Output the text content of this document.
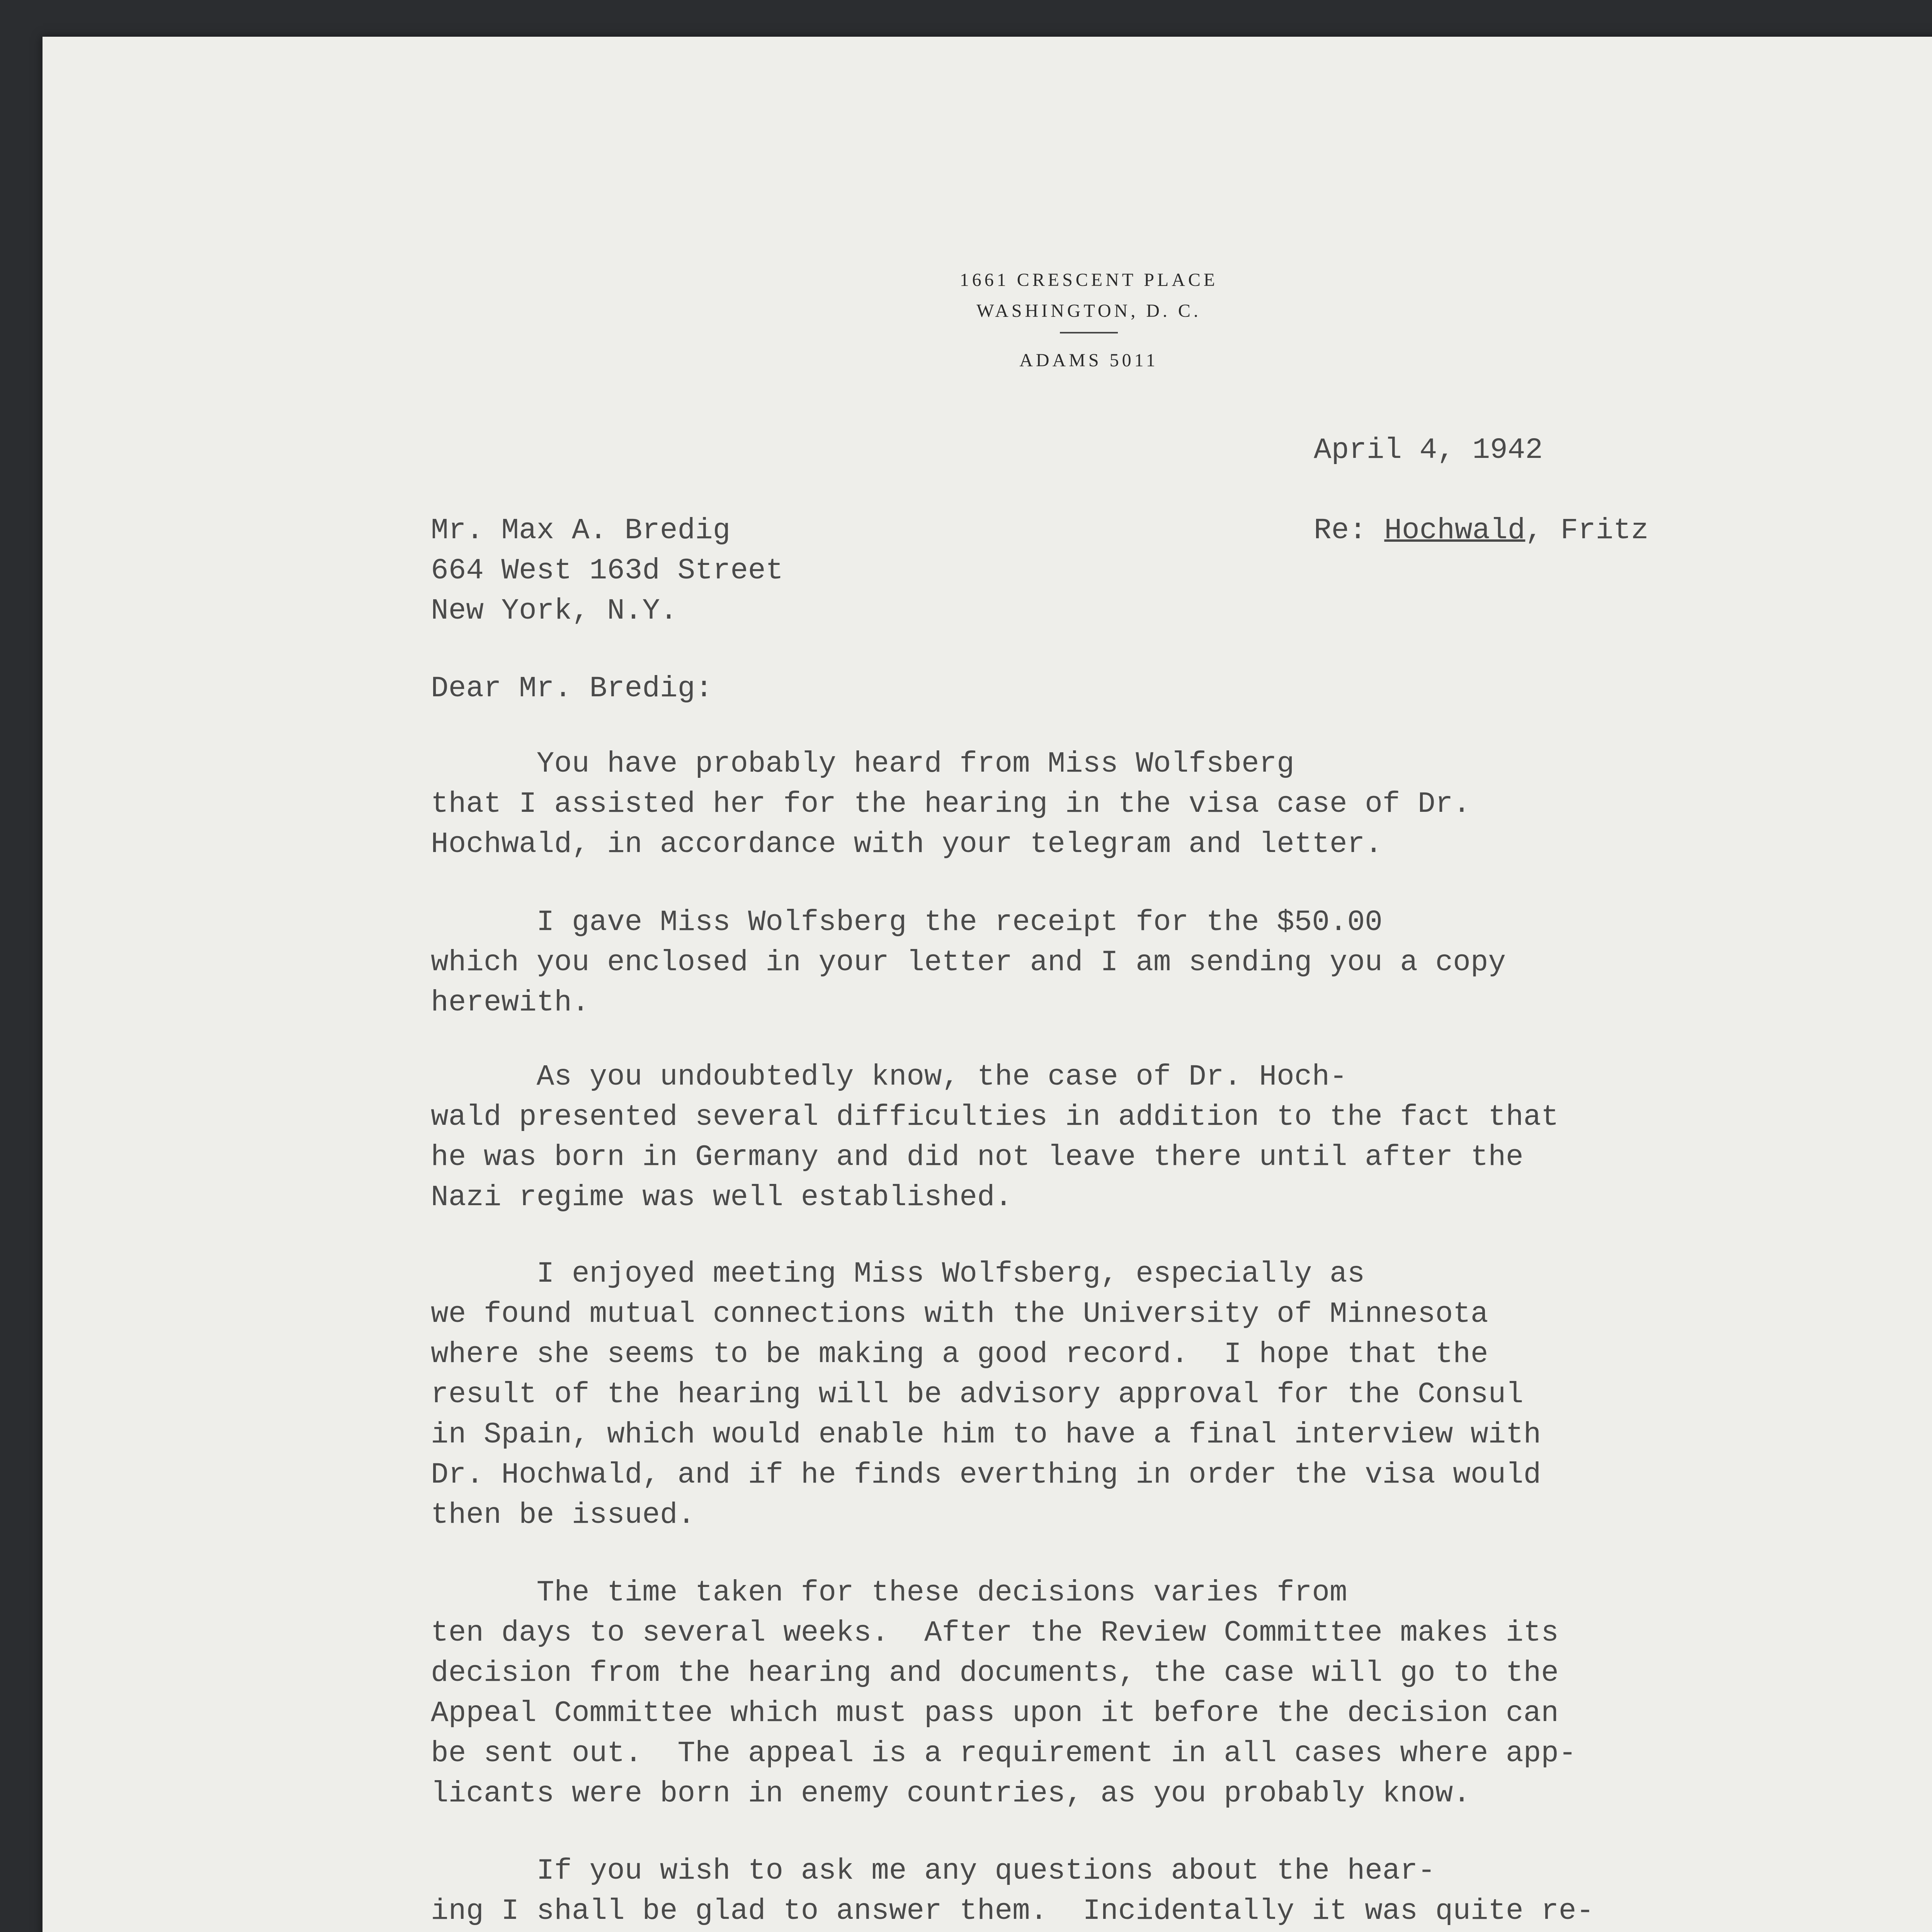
1661 CRESCENT PLACE
WASHINGTON, D. C.
ADAMS 5011
April 4, 1942
Re: Hochwald, Fritz
Mr. Max A. Bredig
664 West 163d Street
New York, N.Y.
Dear Mr. Bredig:
You have probably heard from Miss Wolfsberg
that I assisted her for the hearing in the visa case of Dr.
Hochwald, in accordance with your telegram and letter.
I gave Miss Wolfsberg the receipt for the $50.00
which you enclosed in your letter and I am sending you a copy
herewith.
As you undoubtedly know, the case of Dr. Hoch-
wald presented several difficulties in addition to the fact that
he was born in Germany and did not leave there until after the
Nazi regime was well established.
I enjoyed meeting Miss Wolfsberg, especially as
we found mutual connections with the University of Minnesota
where she seems to be making a good record.  I hope that the
result of the hearing will be advisory approval for the Consul
in Spain, which would enable him to have a final interview with
Dr. Hochwald, and if he finds everthing in order the visa would
then be issued.
The time taken for these decisions varies from
ten days to several weeks.  After the Review Committee makes its
decision from the hearing and documents, the case will go to the
Appeal Committee which must pass upon it before the decision can
be sent out.  The appeal is a requirement in all cases where app-
licants were born in enemy countries, as you probably know.
If you wish to ask me any questions about the hear-
ing I shall be glad to answer them.  Incidentally it was quite re-
